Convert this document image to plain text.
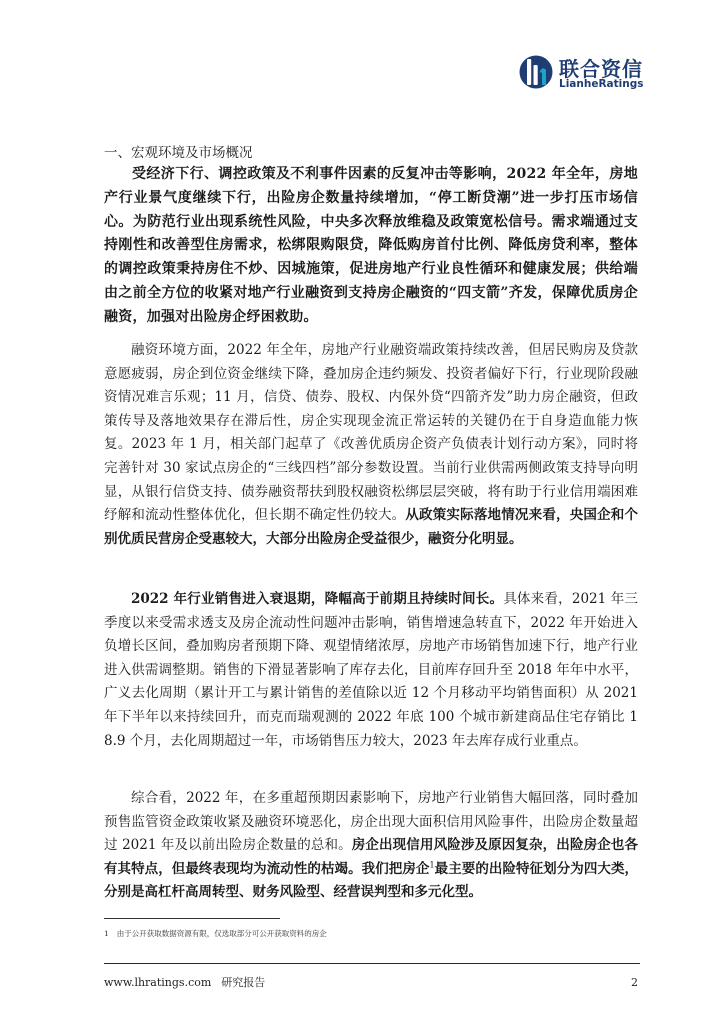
联合资信
LianheRatings
一、宏观环境及市场概况

受经济下行、调控政策及不利事件因素的反复冲击等影响，2022 年全年，房地产行业景气度继续下行，出险房企数量持续增加，“停工断贷潮”进一步打压市场信心。为防范行业出现系统性风险，中央多次释放维稳及政策宽松信号。需求端通过支持刚性和改善型住房需求，松绑限购限贷，降低购房首付比例、降低房贷利率，整体的调控政策秉持房住不炒、因城施策，促进房地产行业良性循环和健康发展；供给端由之前全方位的收紧对地产行业融资到支持房企融资的“四支箭”齐发，保障优质房企融资，加强对出险房企纾困救助。

融资环境方面，2022 年全年，房地产行业融资端政策持续改善，但居民购房及贷款意愿疲弱，房企到位资金继续下降，叠加房企违约频发、投资者偏好下行，行业现阶段融资情况难言乐观；11 月，信贷、债券、股权、内保外贷“四箭齐发”助力房企融资，但政策传导及落地效果存在滞后性，房企实现现金流正常运转的关键仍在于自身造血能力恢复。2023 年 1 月，相关部门起草了《改善优质房企资产负债表计划行动方案》，同时将完善针对 30 家试点房企的“三线四档”部分参数设置。当前行业供需两侧政策支持导向明显，从银行信贷支持、债券融资帮扶到股权融资松绑层层突破，将有助于行业信用端困难纾解和流动性整体优化，但长期不确定性仍较大。从政策实际落地情况来看，央国企和个别优质民营房企受惠较大，大部分出险房企受益很少，融资分化明显。

2022 年行业销售进入衰退期，降幅高于前期且持续时间长。具体来看，2021 年三季度以来受需求透支及房企流动性问题冲击影响，销售增速急转直下，2022 年开始进入负增长区间，叠加购房者预期下降、观望情绪浓厚，房地产市场销售加速下行，地产行业进入供需调整期。销售的下滑显著影响了库存去化，目前库存回升至 2018 年年中水平，广义去化周期（累计开工与累计销售的差值除以近 12 个月移动平均销售面积）从 2021 年下半年以来持续回升，而克而瑞观测的 2022 年底 100 个城市新建商品住宅存销比 18.9 个月，去化周期超过一年，市场销售压力较大，2023 年去库存成行业重点。

综合看，2022 年，在多重超预期因素影响下，房地产行业销售大幅回落，同时叠加预售监管资金政策收紧及融资环境恶化，房企出现大面积信用风险事件，出险房企数量超过 2021 年及以前出险房企数量的总和。房企出现信用风险涉及原因复杂，出险房企也各有其特点，但最终表现均为流动性的枯竭。我们把房企$^1$最主要的出险特征划分为四大类，分别是高杠杆高周转型、财务风险型、经营误判型和多元化型。

1 由于公开获取数据资源有限，仅选取部分可公开获取资料的房企
www.lhratings.com 研究报告	2
